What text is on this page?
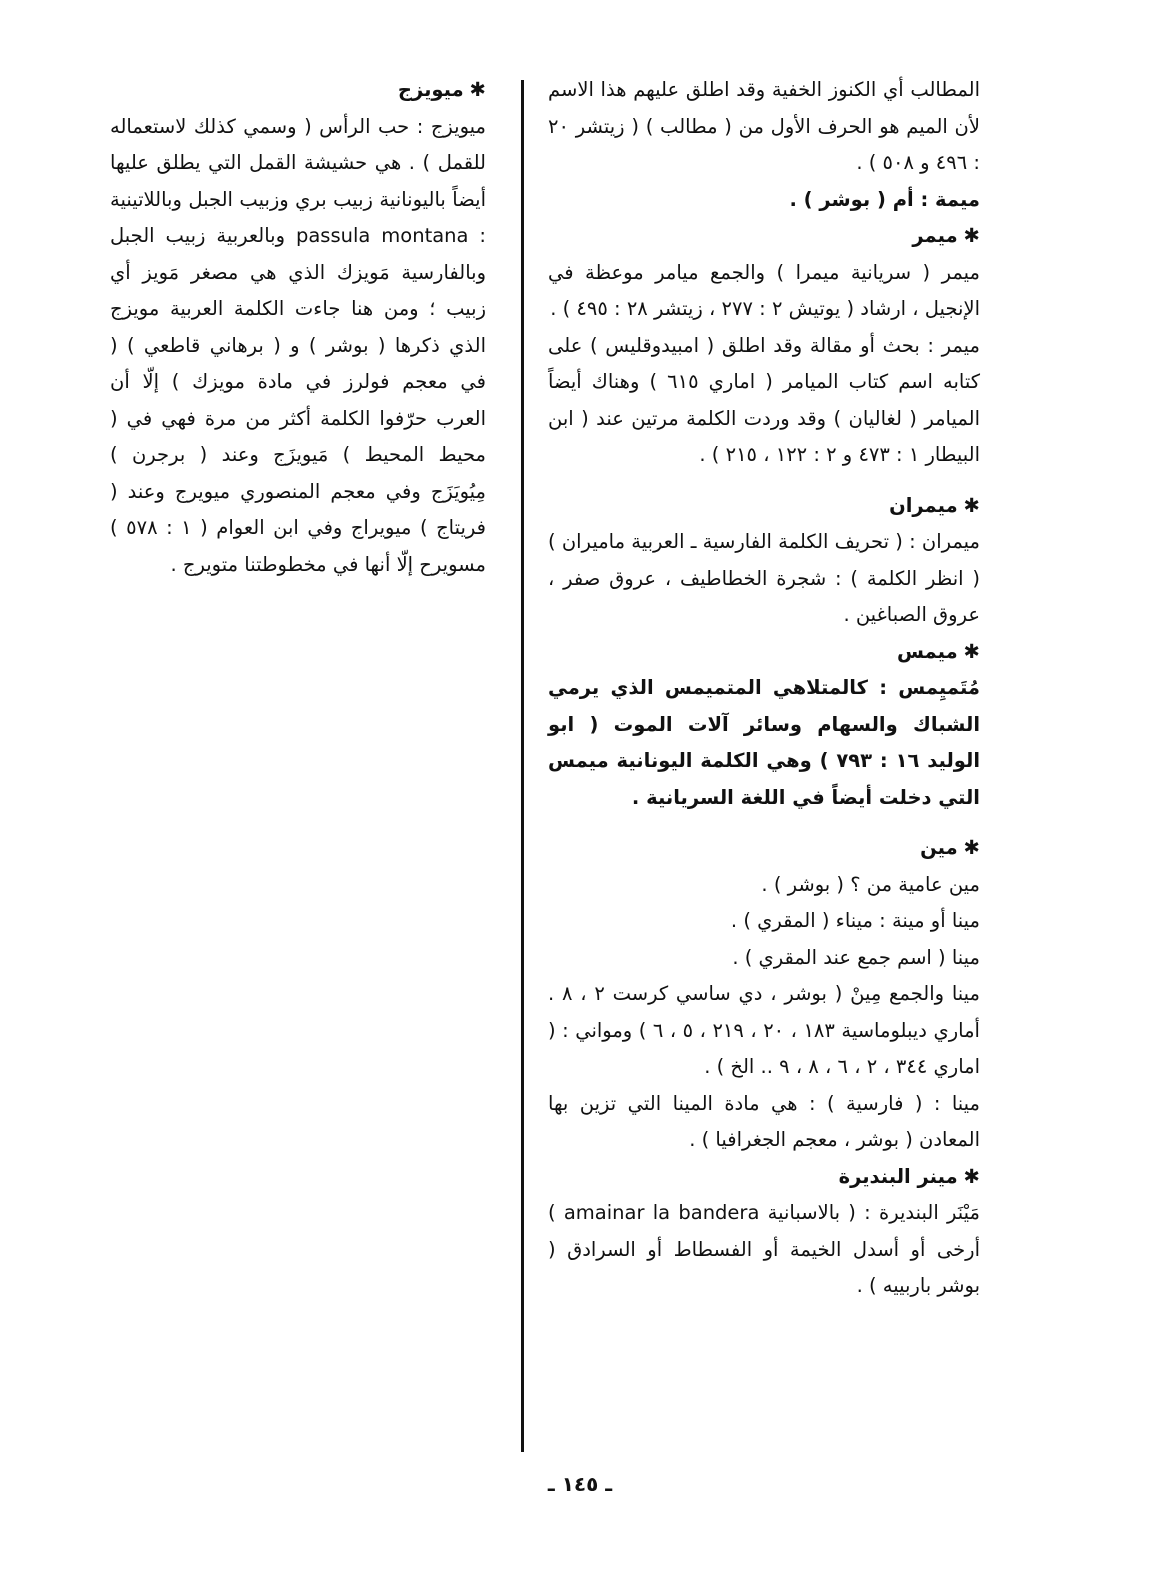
المطالب أي الكنوز الخفية وقد اطلق عليهم هذا الاسم لأن الميم هو الحرف الأول من ( مطالب ) ( زيتشر ٢٠ : ٤٩٦ و ٥٠٨ ) .

ميمة : أم ( بوشر ) .

✱ميمر

ميمر ( سريانية ميمرا ) والجمع ميامر موعظة في الإنجيل ، ارشاد ( يوتيش ٢ : ٢٧٧ ، زيتشر ٢٨ : ٤٩٥ ) .

ميمر : بحث أو مقالة وقد اطلق ( امبيدوقليس ) على كتابه اسم كتاب الميامر ( اماري ٦١٥ ) وهناك أيضاً الميامر ( لغاليان ) وقد وردت الكلمة مرتين عند ( ابن البيطار ١ : ٤٧٣ و ٢ : ١٢٢ ، ٢١٥ ) .

✱ميمران

ميمران : ( تحريف الكلمة الفارسية ـ العربية ماميران ) ( انظر الكلمة ) : شجرة الخطاطيف ، عروق صفر ، عروق الصباغين .

✱ميمس

مُتَميِمس : كالمتلاهي المتميمس الذي يرمي الشباك والسهام وسائر آلات الموت ( ابو الوليد ١٦ : ٧٩٣ ) وهي الكلمة اليونانية ميمس التي دخلت أيضاً في اللغة السريانية .

✱مين

مين عامية من ؟ ( بوشر ) .

مينا أو مينة : ميناء ( المقري ) .

مينا ( اسم جمع عند المقري ) .

مينا والجمع مِينْ ( بوشر ، دي ساسي كرست ٢ ، ٨ . أماري ديبلوماسية ١٨٣ ، ٢٠ ، ٢١٩ ، ٥ ، ٦ ) ومواني : ( اماري ٣٤٤ ، ٢ ، ٦ ، ٨ ، ٩ .. الخ ) .

مينا : ( فارسية ) : هي مادة المينا التي تزين بها المعادن ( بوشر ، معجم الجغرافيا ) .

✱مينر البنديرة

مَيْنَر البنديرة : ( بالاسبانية amainar la bandera ) أرخى أو أسدل الخيمة أو الفسطاط أو السرادق ( بوشر باربييه ) .

✱ميويزج

ميويزج : حب الرأس ( وسمي كذلك لاستعماله للقمل ) . هي حشيشة القمل التي يطلق عليها أيضاً باليونانية زبيب بري وزبيب الجبل وباللاتينية : passula montana وبالعربية زبيب الجبل وبالفارسية مَويزك الذي هي مصغر مَويز أي زبيب ؛ ومن هنا جاءت الكلمة العربية مويزج الذي ذكرها ( بوشر ) و ( برهاني قاطعي ) ( في معجم فولرز في مادة مويزك ) إلّا أن العرب حرّفوا الكلمة أكثر من مرة فهي في ( محيط المحيط ) مَيويزَج وعند ( برجرن ) مِيُويَزَج وفي معجم المنصوري ميويرج وعند ( فريتاج ) ميويراج وفي ابن العوام ( ١ : ٥٧٨ ) مسويرح إلّا أنها في مخطوطتنا متويرج .

ـ ١٤٥ ـ
